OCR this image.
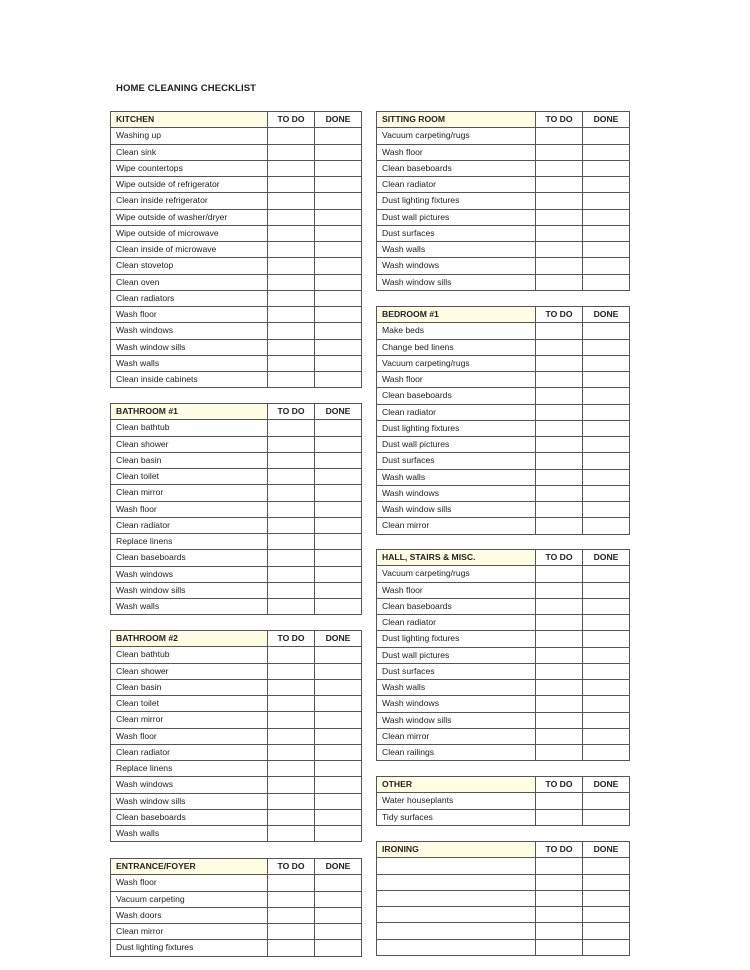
HOME CLEANING CHECKLIST
KITCHEN	TO DO	DONE
Washing up		
Clean sink		
Wipe countertops		
Wipe outside of refrigerator		
Clean inside refrigerator		
Wipe outside of washer/dryer		
Wipe outside of microwave		
Clean inside of microwave		
Clean stovetop		
Clean oven		
Clean radiators		
Wash floor		
Wash windows		
Wash window sills		
Wash walls		
Clean inside cabinets		
BATHROOM #1	TO DO	DONE
Clean bathtub		
Clean shower		
Clean basin		
Clean toilet		
Clean mirror		
Wash floor		
Clean radiator		
Replace linens		
Clean baseboards		
Wash windows		
Wash window sills		
Wash walls		
BATHROOM #2	TO DO	DONE
Clean bathtub		
Clean shower		
Clean basin		
Clean toilet		
Clean mirror		
Wash floor		
Clean radiator		
Replace linens		
Wash windows		
Wash window sills		
Clean baseboards		
Wash walls		
ENTRANCE/FOYER	TO DO	DONE
Wash floor		
Vacuum carpeting		
Wash doors		
Clean mirror		
Dust lighting fixtures		
SITTING ROOM	TO DO	DONE
Vacuum carpeting/rugs		
Wash floor		
Clean baseboards		
Clean radiator		
Dust lighting fixtures		
Dust wall pictures		
Dust surfaces		
Wash walls		
Wash windows		
Wash window sills		
BEDROOM #1	TO DO	DONE
Make beds		
Change bed linens		
Vacuum carpeting/rugs		
Wash floor		
Clean baseboards		
Clean radiator		
Dust lighting fixtures		
Dust wall pictures		
Dust surfaces		
Wash walls		
Wash windows		
Wash window sills		
Clean mirror		
HALL, STAIRS & MISC.	TO DO	DONE
Vacuum carpeting/rugs		
Wash floor		
Clean baseboards		
Clean radiator		
Dust lighting fixtures		
Dust wall pictures		
Dust surfaces		
Wash walls		
Wash windows		
Wash window sills		
Clean mirror		
Clean railings		
OTHER	TO DO	DONE
Water houseplants		
Tidy surfaces		
IRONING	TO DO	DONE
